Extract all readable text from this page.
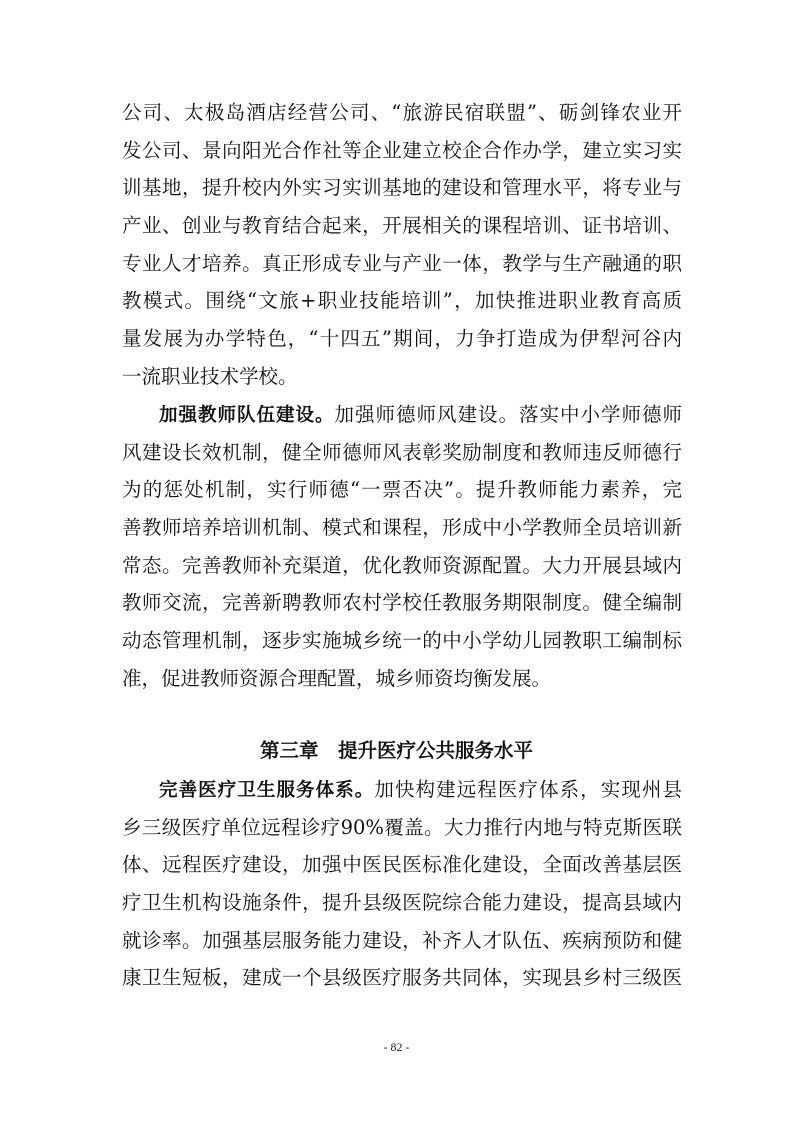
公司、太极岛酒店经营公司、“旅游民宿联盟”、砺剑锋农业开
发公司、景向阳光合作社等企业建立校企合作办学，建立实习实
训基地，提升校内外实习实训基地的建设和管理水平，将专业与
产业、创业与教育结合起来，开展相关的课程培训、证书培训、
专业人才培养。真正形成专业与产业一体，教学与生产融通的职
教模式。围绕“文旅+职业技能培训”，加快推进职业教育高质
量发展为办学特色，“十四五”期间，力争打造成为伊犁河谷内
一流职业技术学校。
加强教师队伍建设。加强师德师风建设。落实中小学师德师
风建设长效机制，健全师德师风表彰奖励制度和教师违反师德行
为的惩处机制，实行师德“一票否决”。提升教师能力素养，完
善教师培养培训机制、模式和课程，形成中小学教师全员培训新
常态。完善教师补充渠道，优化教师资源配置。大力开展县域内
教师交流，完善新聘教师农村学校任教服务期限制度。健全编制
动态管理机制，逐步实施城乡统一的中小学幼儿园教职工编制标
准，促进教师资源合理配置，城乡师资均衡发展。
第三章　提升医疗公共服务水平
完善医疗卫生服务体系。加快构建远程医疗体系，实现州县
乡三级医疗单位远程诊疗90%覆盖。大力推行内地与特克斯医联
体、远程医疗建设，加强中医民医标准化建设，全面改善基层医
疗卫生机构设施条件，提升县级医院综合能力建设，提高县域内
就诊率。加强基层服务能力建设，补齐人才队伍、疾病预防和健
康卫生短板，建成一个县级医疗服务共同体，实现县乡村三级医
- 82 -
